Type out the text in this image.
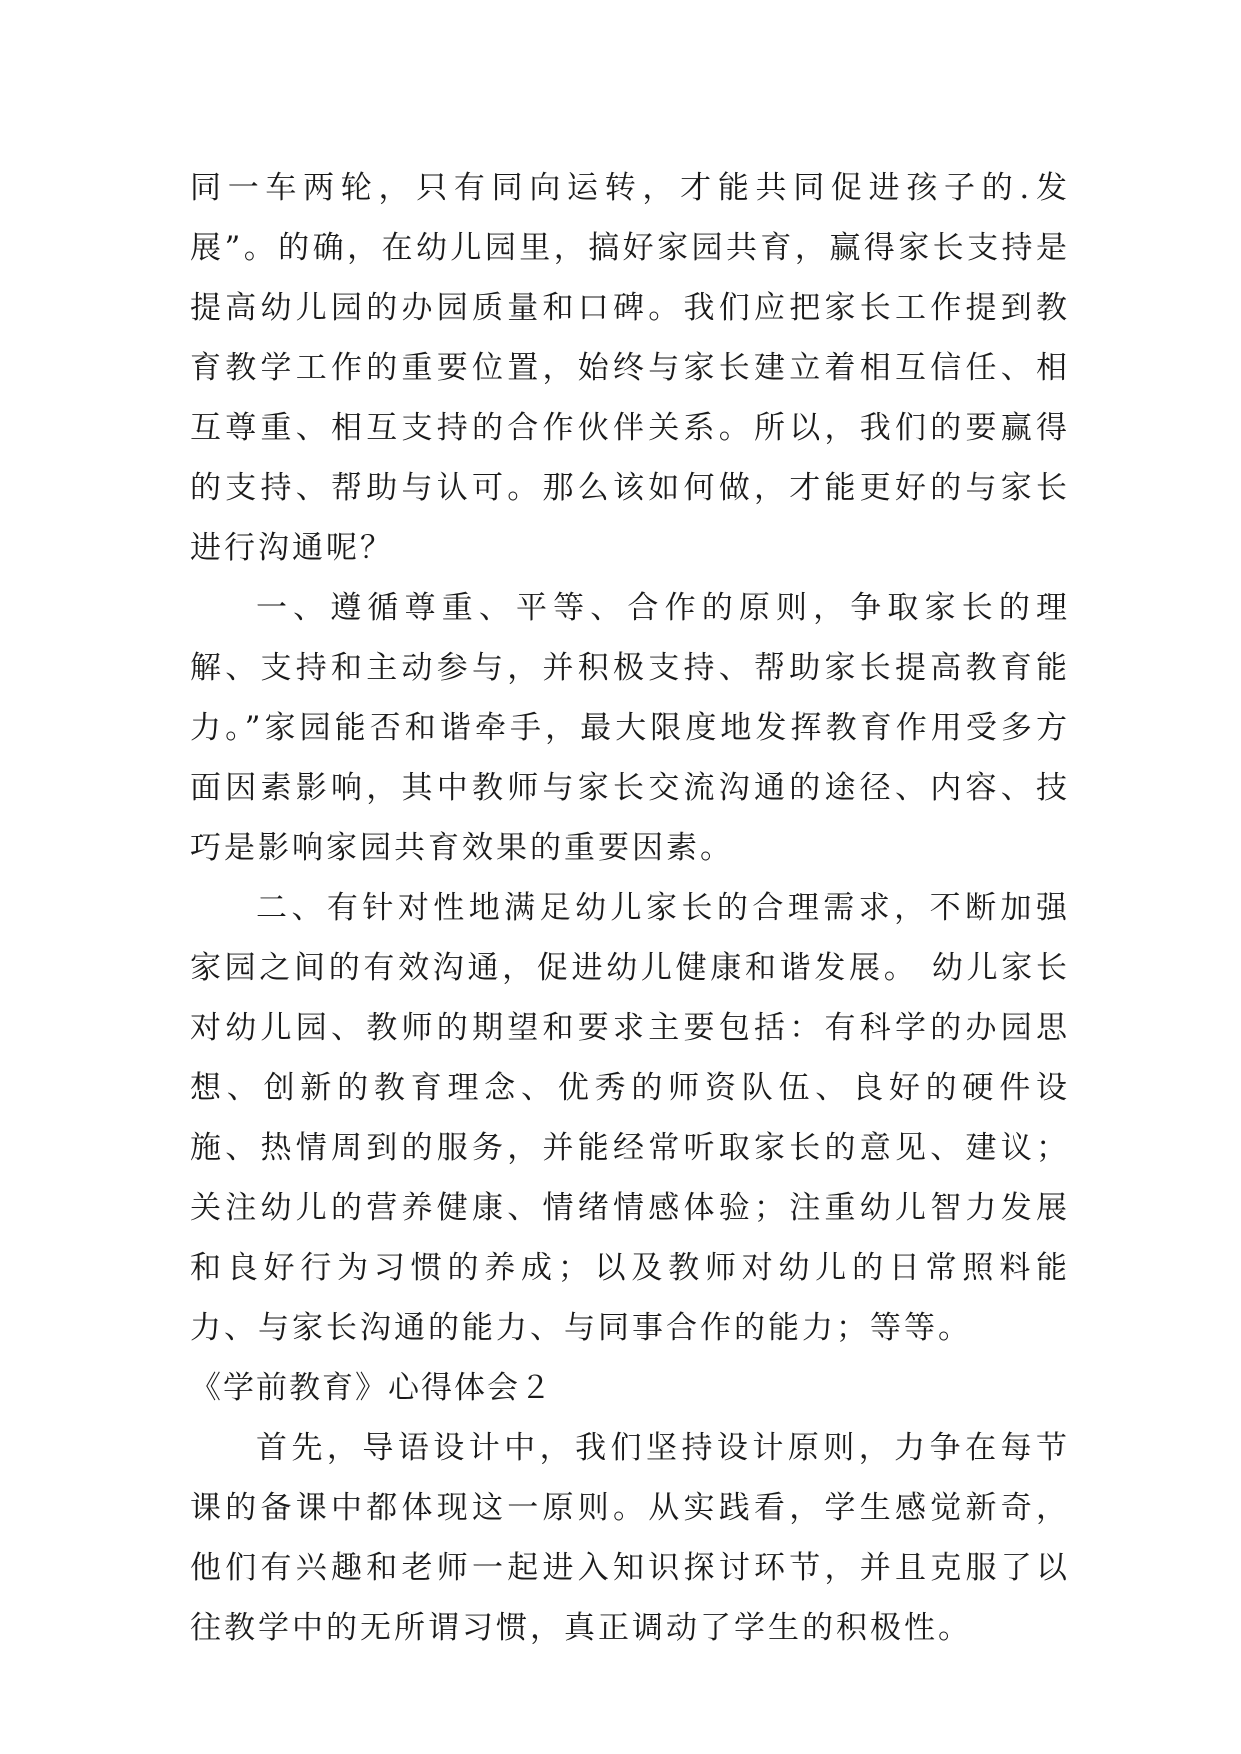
同一车两轮，只有同向运转，才能共同促进孩子的.发展”。的确，在幼儿园里，搞好家园共育，赢得家长支持是提高幼儿园的办园质量和口碑。我们应把家长工作提到教育教学工作的重要位置，始终与家长建立着相互信任、相互尊重、相互支持的合作伙伴关系。所以，我们的要赢得的支持、帮助与认可。那么该如何做，才能更好的与家长进行沟通呢？

一、遵循尊重、平等、合作的原则，争取家长的理解、支持和主动参与，并积极支持、帮助家长提高教育能力。”家园能否和谐牵手，最大限度地发挥教育作用受多方面因素影响，其中教师与家长交流沟通的途径、内容、技巧是影响家园共育效果的重要因素。

二、有针对性地满足幼儿家长的合理需求，不断加强家园之间的有效沟通，促进幼儿健康和谐发展。 幼儿家长对幼儿园、教师的期望和要求主要包括：有科学的办园思想、创新的教育理念、优秀的师资队伍、良好的硬件设施、热情周到的服务，并能经常听取家长的意见、建议；关注幼儿的营养健康、情绪情感体验；注重幼儿智力发展和良好行为习惯的养成；以及教师对幼儿的日常照料能力、与家长沟通的能力、与同事合作的能力；等等。

《学前教育》心得体会２

首先，导语设计中，我们坚持设计原则，力争在每节课的备课中都体现这一原则。从实践看，学生感觉新奇，他们有兴趣和老师一起进入知识探讨环节，并且克服了以往教学中的无所谓习惯，真正调动了学生的积极性。
